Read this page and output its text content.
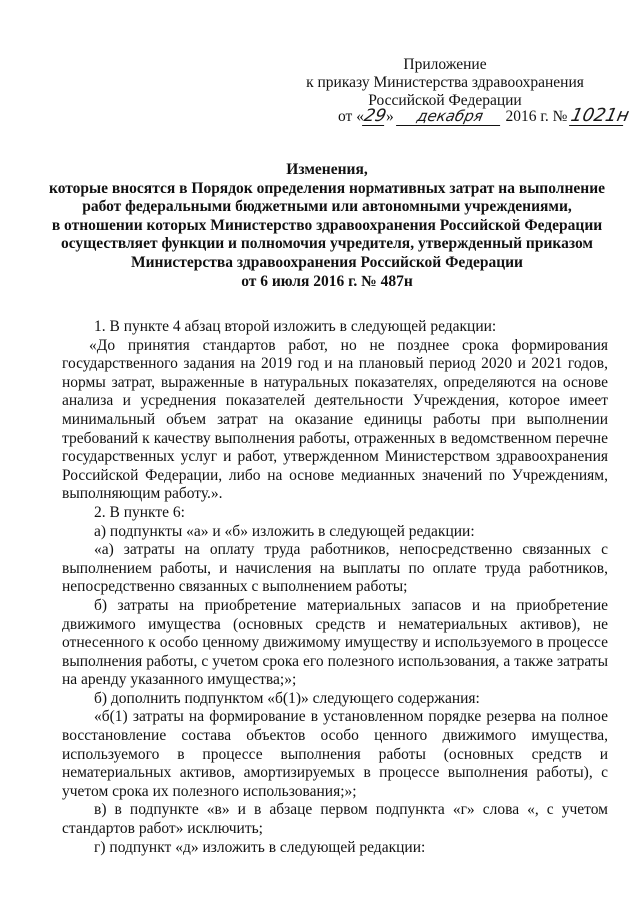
Приложение
к приказу Министерства здравоохранения
Российской Федерации
от «29» декабря 2016 г. № 1021н
Изменения,
которые вносятся в Порядок определения нормативных затрат на выполнение
работ федеральными бюджетными или автономными учреждениями,
в отношении которых Министерство здравоохранения Российской Федерации
осуществляет функции и полномочия учредителя, утвержденный приказом
Министерства здравоохранения Российской Федерации
от 6 июля 2016 г. № 487н

1. В пункте 4 абзац второй изложить в следующей редакции:

«До принятия стандартов работ, но не позднее срока формирования государственного задания на 2019 год и на плановый период 2020 и 2021 годов, нормы затрат, выраженные в натуральных показателях, определяются на основе анализа и усреднения показателей деятельности Учреждения, которое имеет минимальный объем затрат на оказание единицы работы при выполнении требований к качеству выполнения работы, отраженных в ведомственном перечне государственных услуг и работ, утвержденном Министерством здравоохранения Российской Федерации, либо на основе медианных значений по Учреждениям, выполняющим работу.».

2. В пункте 6:

а) подпункты «а» и «б» изложить в следующей редакции:

«а) затраты на оплату труда работников, непосредственно связанных с выполнением работы, и начисления на выплаты по оплате труда работников, непосредственно связанных с выполнением работы;

б) затраты на приобретение материальных запасов и на приобретение движимого имущества (основных средств и нематериальных активов), не отнесенного к особо ценному движимому имуществу и используемого в процессе выполнения работы, с учетом срока его полезного использования, а также затраты на аренду указанного имущества;»;

б) дополнить подпунктом «б(1)» следующего содержания:

«б(1) затраты на формирование в установленном порядке резерва на полное восстановление состава объектов особо ценного движимого имущества, используемого в процессе выполнения работы (основных средств и нематериальных активов, амортизируемых в процессе выполнения работы), с учетом срока их полезного использования;»;

в) в подпункте «в» и в абзаце первом подпункта «г» слова «, с учетом стандартов работ» исключить;

г) подпункт «д» изложить в следующей редакции:
